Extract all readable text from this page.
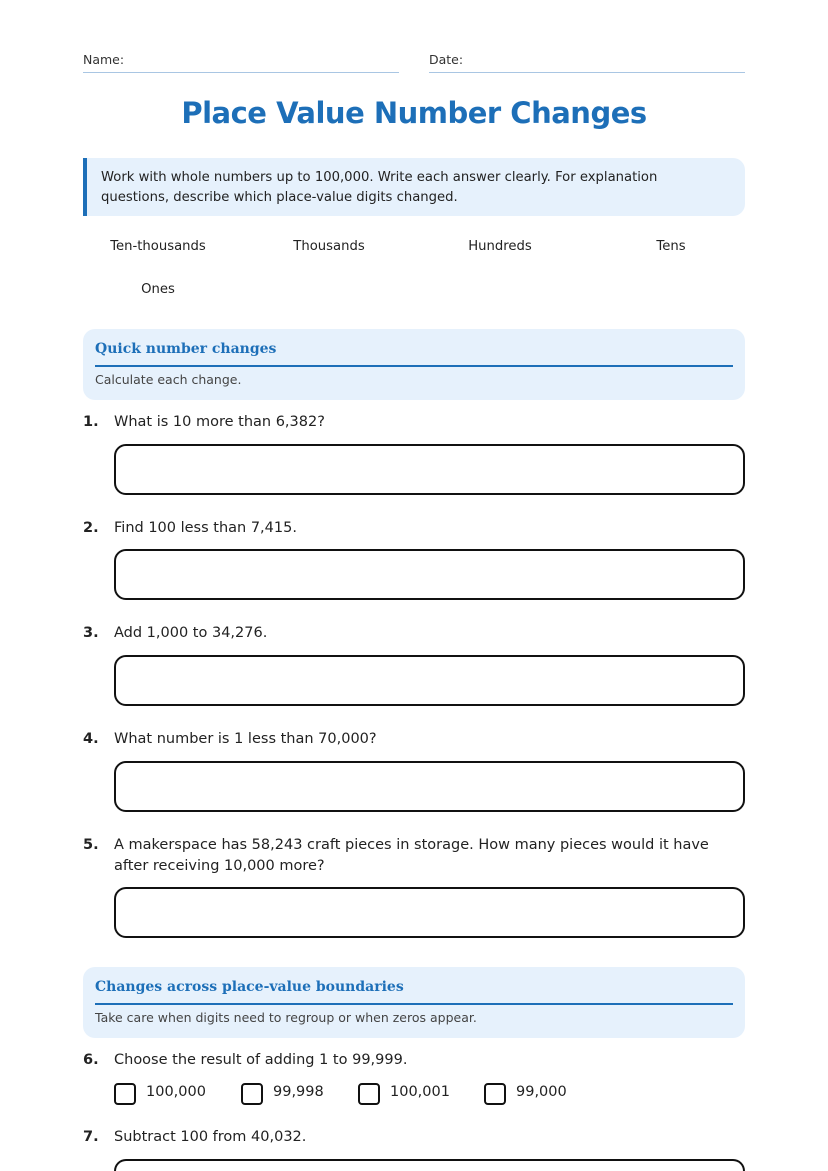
Name:	Date:
Place Value Number Changes
Work with whole numbers up to 100,000. Write each answer clearly. For explanation questions, describe which place-value digits changed.
Ten-thousands	Thousands	Hundreds	Tens
Ones
Quick number changes
Calculate each change.
1. What is 10 more than 6,382?
2. Find 100 less than 7,415.
3. Add 1,000 to 34,276.
4. What number is 1 less than 70,000?
5. A makerspace has 58,243 craft pieces in storage. How many pieces would it have after receiving 10,000 more?
Changes across place-value boundaries
Take care when digits need to regroup or when zeros appear.
6. Choose the result of adding 1 to 99,999.
100,000	99,998	100,001	99,000
7. Subtract 100 from 40,032.
